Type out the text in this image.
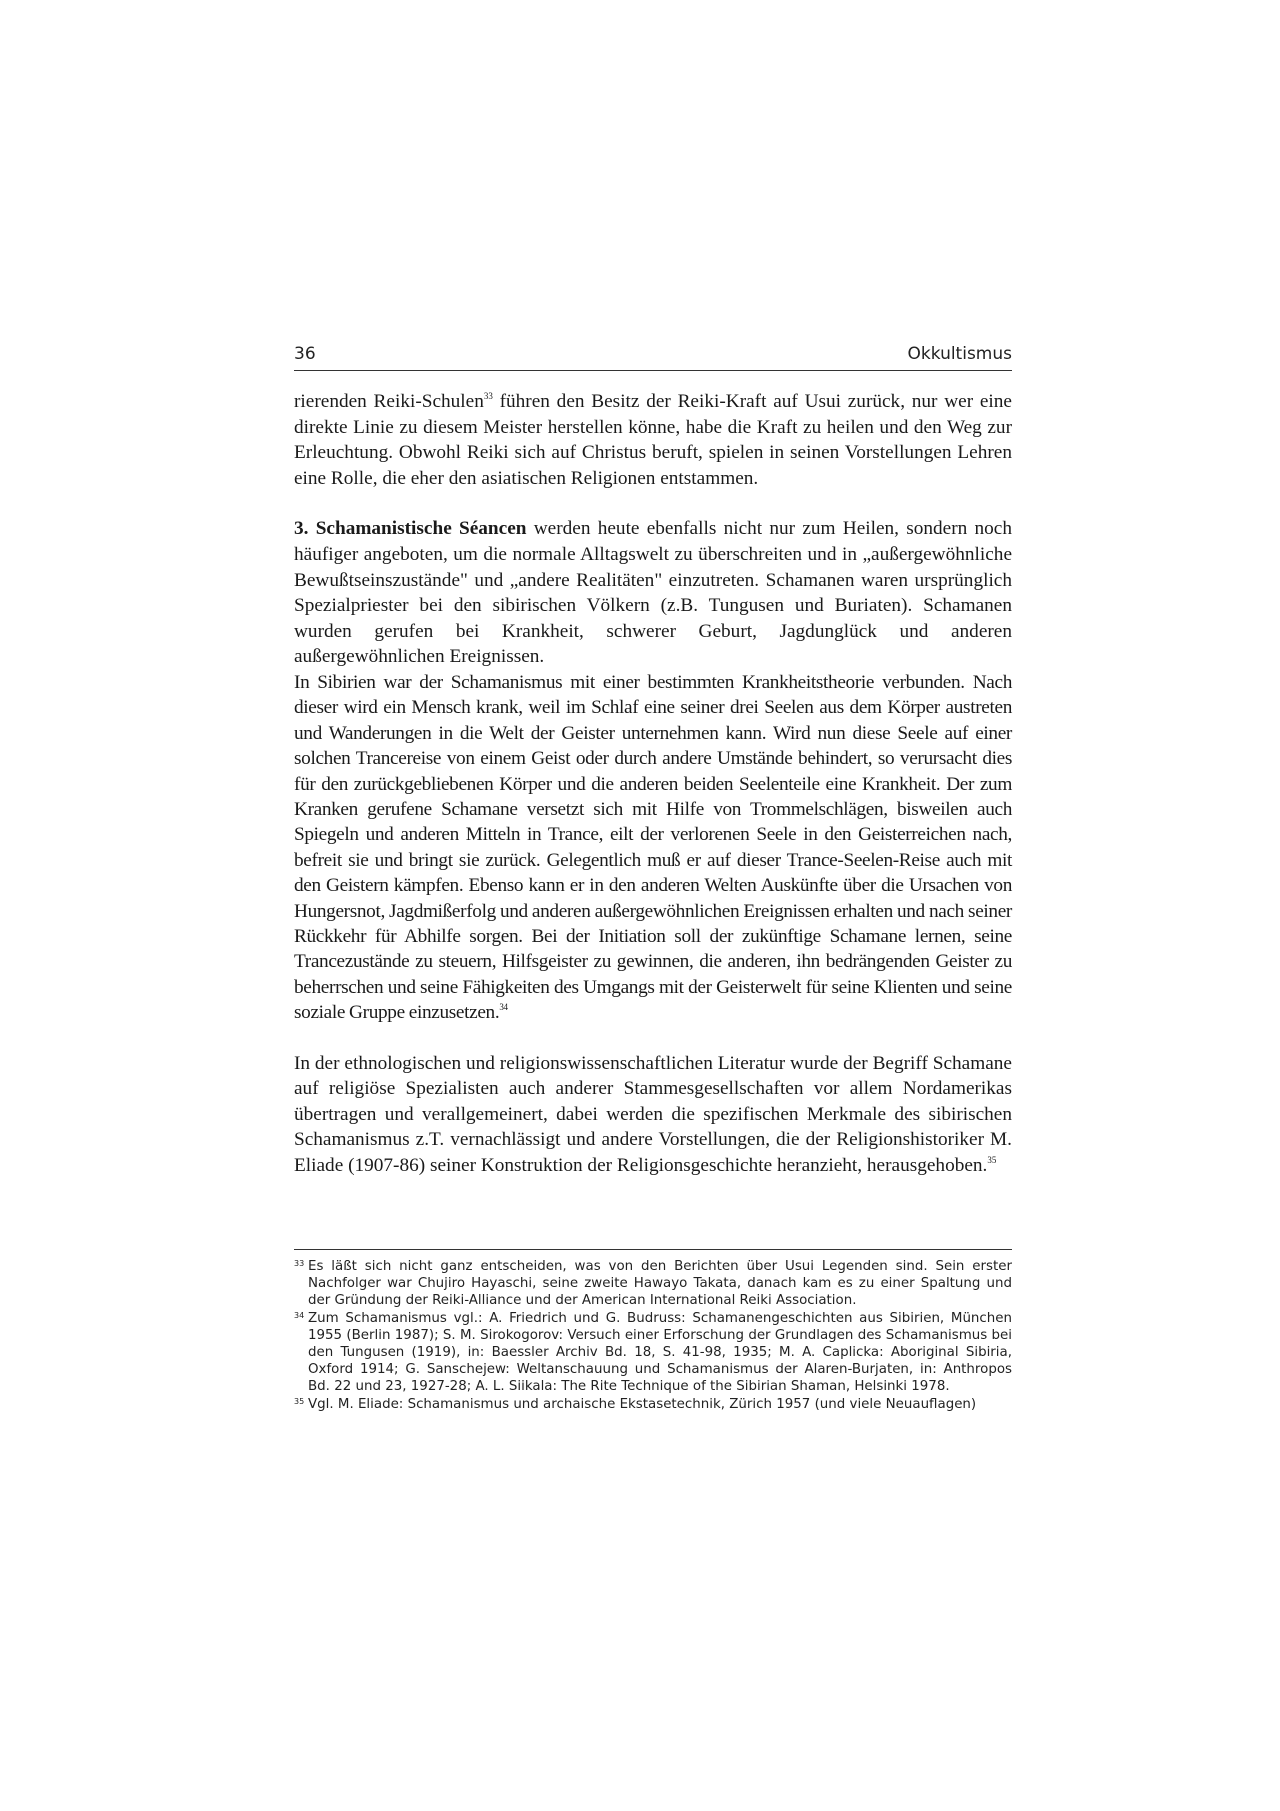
36	Okkultismus

rierenden Reiki-Schulen$^{33}$ führen den Besitz der Reiki-Kraft auf Usui zurück, nur wer eine direkte Linie zu diesem Meister herstellen könne, habe die Kraft zu heilen und den Weg zur Erleuchtung. Obwohl Reiki sich auf Christus beruft, spielen in seinen Vorstellungen Lehren eine Rolle, die eher den asiatischen Religionen entstammen.

3. Schamanistische Séancen werden heute ebenfalls nicht nur zum Heilen, sondern noch häufiger angeboten, um die normale Alltagswelt zu überschreiten und in „außergewöhnliche Bewußtseinszustände" und „andere Realitäten" einzutreten. Schamanen waren ursprünglich Spezialpriester bei den sibirischen Völkern (z.B. Tungusen und Buriaten). Schamanen wurden gerufen bei Krankheit, schwerer Geburt, Jagdunglück und anderen außergewöhnlichen Ereignissen.

In Sibirien war der Schamanismus mit einer bestimmten Krankheitstheorie verbunden. Nach dieser wird ein Mensch krank, weil im Schlaf eine seiner drei Seelen aus dem Körper austreten und Wanderungen in die Welt der Geister unternehmen kann. Wird nun diese Seele auf einer solchen Trancereise von einem Geist oder durch andere Umstände behindert, so verursacht dies für den zurückgebliebenen Körper und die anderen beiden Seelenteile eine Krankheit. Der zum Kranken gerufene Schamane versetzt sich mit Hilfe von Trommelschlägen, bisweilen auch Spiegeln und anderen Mitteln in Trance, eilt der verlorenen Seele in den Geisterreichen nach, befreit sie und bringt sie zurück. Gelegentlich muß er auf dieser Trance-Seelen-Reise auch mit den Geistern kämpfen. Ebenso kann er in den anderen Welten Auskünfte über die Ursachen von Hungersnot, Jagdmißerfolg und anderen außergewöhnlichen Ereignissen erhalten und nach seiner Rückkehr für Abhilfe sorgen. Bei der Initiation soll der zukünftige Schamane lernen, seine Trancezustände zu steuern, Hilfsgeister zu gewinnen, die anderen, ihn bedrängenden Geister zu beherrschen und seine Fähigkeiten des Umgangs mit der Geisterwelt für seine Klienten und seine soziale Gruppe einzusetzen.$^{34}$

In der ethnologischen und religionswissenschaftlichen Literatur wurde der Begriff Schamane auf religiöse Spezialisten auch anderer Stammesgesellschaften vor allem Nordamerikas übertragen und verallgemeinert, dabei werden die spezifischen Merkmale des sibirischen Schamanismus z.T. vernachlässigt und andere Vorstellungen, die der Religionshistoriker M. Eliade (1907-86) seiner Konstruktion der Religionsgeschichte heranzieht, herausgehoben.$^{35}$

33 Es läßt sich nicht ganz entscheiden, was von den Berichten über Usui Legenden sind. Sein erster Nachfolger war Chujiro Hayaschi, seine zweite Hawayo Takata, danach kam es zu einer Spaltung und der Gründung der Reiki-Alliance und der American International Reiki Association.

34 Zum Schamanismus vgl.: A. Friedrich und G. Budruss: Schamanengeschichten aus Sibirien, München 1955 (Berlin 1987); S. M. Sirokogorov: Versuch einer Erforschung der Grundlagen des Schamanismus bei den Tungusen (1919), in: Baessler Archiv Bd. 18, S. 41-98, 1935; M. A. Caplicka: Aboriginal Sibiria, Oxford 1914; G. Sanschejew: Weltanschauung und Schamanismus der Alaren-Burjaten, in: Anthropos Bd. 22 und 23, 1927-28; A. L. Siikala: The Rite Technique of the Sibirian Shaman, Helsinki 1978.

35 Vgl. M. Eliade: Schamanismus und archaische Ekstasetechnik, Zürich 1957 (und viele Neuauflagen)
